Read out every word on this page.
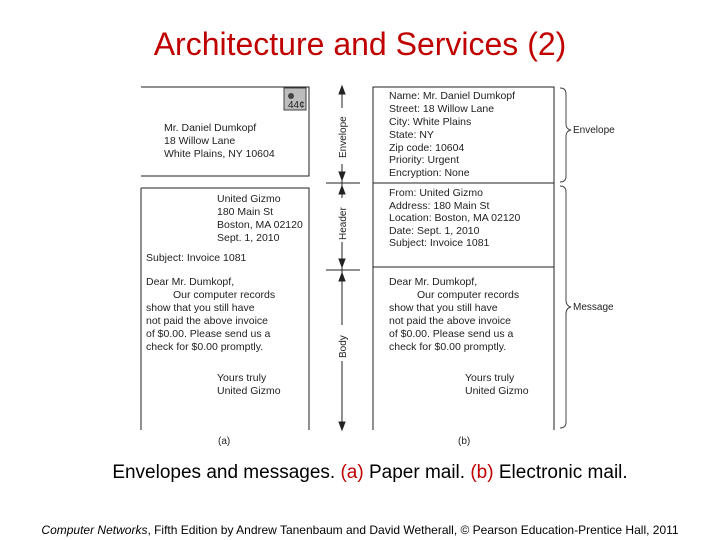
Architecture and Services (2)
44¢
Mr. Daniel Dumkopf
18 Willow Lane
White Plains, NY 10604
United Gizmo
180 Main St
Boston, MA 02120
Sept. 1, 2010
Subject: Invoice 1081
Dear Mr. Dumkopf,
Our computer records
show that you still have
not paid the above invoice
of $0.00. Please send us a
check for $0.00 promptly.
Yours truly
United Gizmo
(a)
Envelope
Header
Body
Name: Mr. Daniel Dumkopf
Street: 18 Willow Lane
City: White Plains
State: NY
Zip code: 10604
Priority: Urgent
Encryption: None
From: United Gizmo
Address: 180 Main St
Location: Boston, MA 02120
Date: Sept. 1, 2010
Subject: Invoice 1081
Dear Mr. Dumkopf,
Our computer records
show that you still have
not paid the above invoice
of $0.00. Please send us a
check for $0.00 promptly.
Yours truly
United Gizmo
(b)
Envelope
Message
Envelopes and messages. (a) Paper mail. (b) Electronic mail.
Computer Networks, Fifth Edition by Andrew Tanenbaum and David Wetherall, © Pearson Education-Prentice Hall, 2011
